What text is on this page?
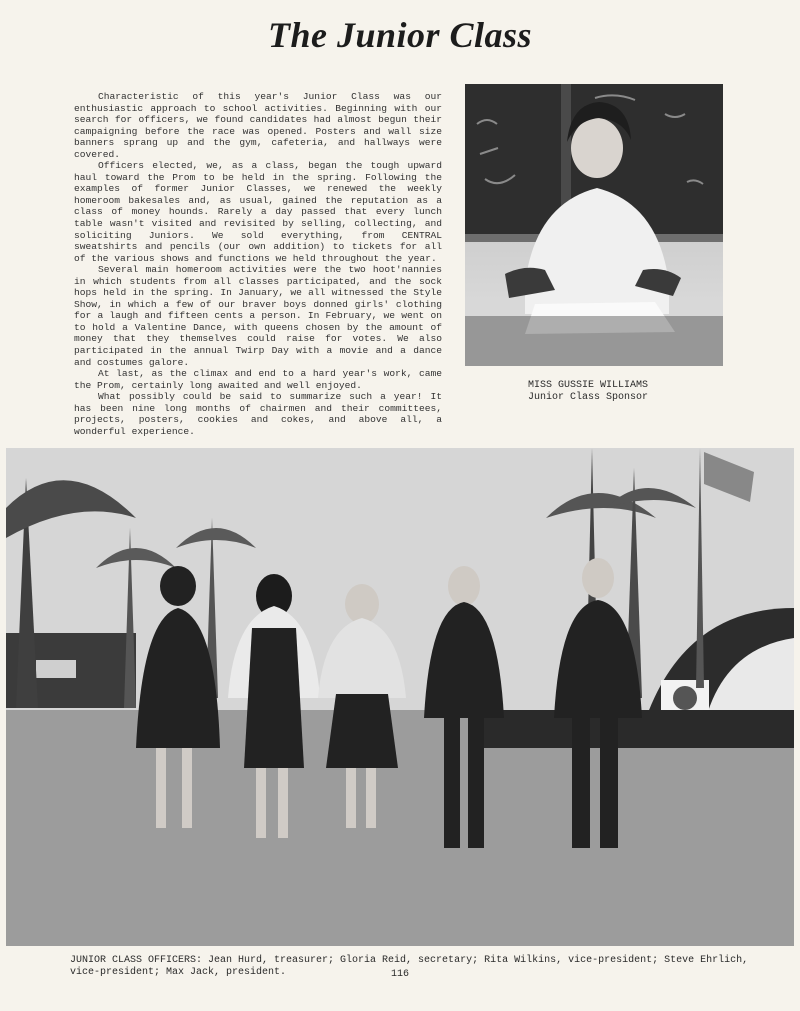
The Junior Class

Characteristic of this year's Junior Class was our enthusiastic approach to school activities. Beginning with our search for officers, we found candidates had almost begun their campaigning before the race was opened. Posters and wall size banners sprang up and the gym, cafeteria, and hallways were covered.

Officers elected, we, as a class, began the tough upward haul toward the Prom to be held in the spring. Following the examples of former Junior Classes, we renewed the weekly homeroom bakesales and, as usual, gained the reputation as a class of money hounds. Rarely a day passed that every lunch table wasn't visited and revisited by selling, collecting, and soliciting Juniors. We sold everything, from CENTRAL sweatshirts and pencils (our own addition) to tickets for all of the various shows and functions we held throughout the year.

Several main homeroom activities were the two hoot'nannies in which students from all classes participated, and the sock hops held in the spring. In January, we all witnessed the Style Show, in which a few of our braver boys donned girls' clothing for a laugh and fifteen cents a person. In February, we went on to hold a Valentine Dance, with queens chosen by the amount of money that they themselves could raise for votes. We also participated in the annual Twirp Day with a movie and a dance and costumes galore.

At last, as the climax and end to a hard year's work, came the Prom, certainly long awaited and well enjoyed.

What possibly could be said to summarize such a year! It has been nine long months of chairmen and their committees, projects, posters, cookies and cokes, and above all, a wonderful experience.

MISS GUSSIE WILLIAMS
Junior Class Sponsor
JUNIOR CLASS OFFICERS: Jean Hurd, treasurer; Gloria Reid, secretary; Rita Wilkins, vice-president; Steve Ehrlich, vice-president; Max Jack, president.	116
